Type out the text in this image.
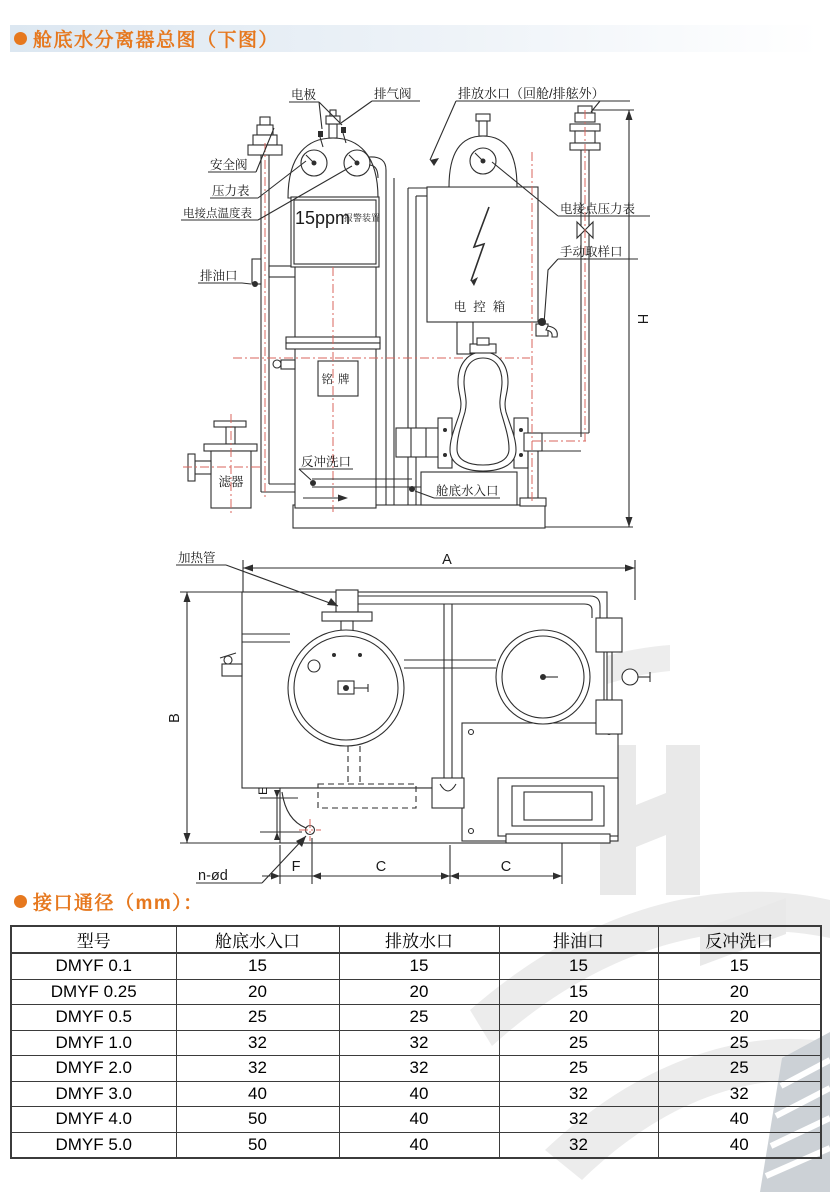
舱底水分离器总图（下图）
H
电极	排气阀	排放水口（回舱/排舷外）
安全阀
压力表
电接点温度表
排油口
15ppm
报警装置
电接点压力表
手动取样口
电控箱
铭牌
反冲洗口
舱底水入口
滤器
A
B
E
F	C	C
n-ød
加热管
接口通径（mm）：
型号	舱底水入口	排放水口	排油口	反冲洗口
DMYF 0.1	15	15	15	15
DMYF 0.25	20	20	15	20
DMYF 0.5	25	25	20	20
DMYF 1.0	32	32	25	25
DMYF 2.0	32	32	25	25
DMYF 3.0	40	40	32	32
DMYF 4.0	50	40	32	40
DMYF 5.0	50	40	32	40
